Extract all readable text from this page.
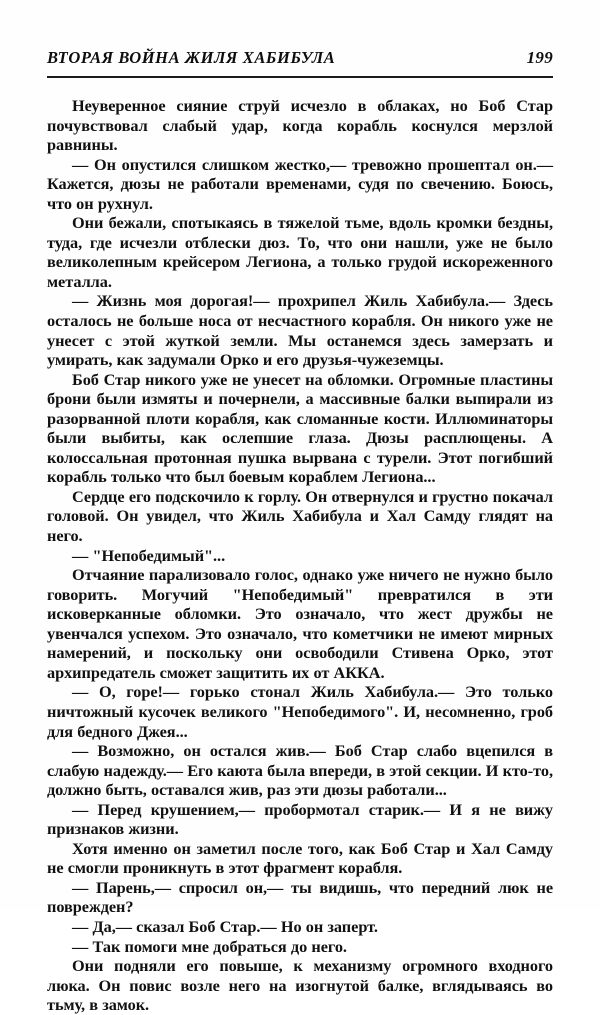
ВТОРАЯ ВОЙНА ЖИЛЯ ХАБИБУЛА	199

Неуверенное сияние струй исчезло в облаках, но Боб Стар почувствовал слабый удар, когда корабль коснулся мерзлой равнины.

— Он опустился слишком жестко,— тревожно прошептал он.— Кажется, дюзы не работали временами, судя по свечению. Боюсь, что он рухнул.

Они бежали, спотыкаясь в тяжелой тьме, вдоль кромки бездны, туда, где исчезли отблески дюз. То, что они нашли, уже не было великолепным крейсером Легиона, а только грудой искореженного металла.

— Жизнь моя дорогая!— прохрипел Жиль Хабибула.— Здесь осталось не больше носа от несчастного корабля. Он никого уже не унесет с этой жуткой земли. Мы останемся здесь замерзать и умирать, как задумали Орко и его друзья-чужеземцы.

Боб Стар никого уже не унесет на обломки. Огромные пластины брони были измяты и почернели, а массивные балки выпирали из разорванной плоти корабля, как сломанные кости. Иллюминаторы были выбиты, как ослепшие глаза. Дюзы расплющены. А колоссальная протонная пушка вырвана с турели. Этот погибший корабль только что был боевым кораблем Легиона...

Сердце его подскочило к горлу. Он отвернулся и грустно покачал головой. Он увидел, что Жиль Хабибула и Хал Самду глядят на него.

— "Непобедимый"...

Отчаяние парализовало голос, однако уже ничего не нужно было говорить. Могучий "Непобедимый" превратился в эти исковерканные обломки. Это означало, что жест дружбы не увенчался успехом. Это означало, что кометчики не имеют мирных намерений, и поскольку они освободили Стивена Орко, этот архипредатель сможет защитить их от АККА.

— О, горе!— горько стонал Жиль Хабибула.— Это только ничтожный кусочек великого "Непобедимого". И, несомненно, гроб для бедного Джея...

— Возможно, он остался жив.— Боб Стар слабо вцепился в слабую надежду.— Его каюта была впереди, в этой секции. И кто-то, должно быть, оставался жив, раз эти дюзы работали...

— Перед крушением,— пробормотал старик.— И я не вижу признаков жизни.

Хотя именно он заметил после того, как Боб Стар и Хал Самду не смогли проникнуть в этот фрагмент корабля.

— Парень,— спросил он,— ты видишь, что передний люк не поврежден?

— Да,— сказал Боб Стар.— Но он заперт.

— Так помоги мне добраться до него.

Они подняли его повыше, к механизму огромного входного люка. Он повис возле него на изогнутой балке, вглядываясь во тьму, в замок.
